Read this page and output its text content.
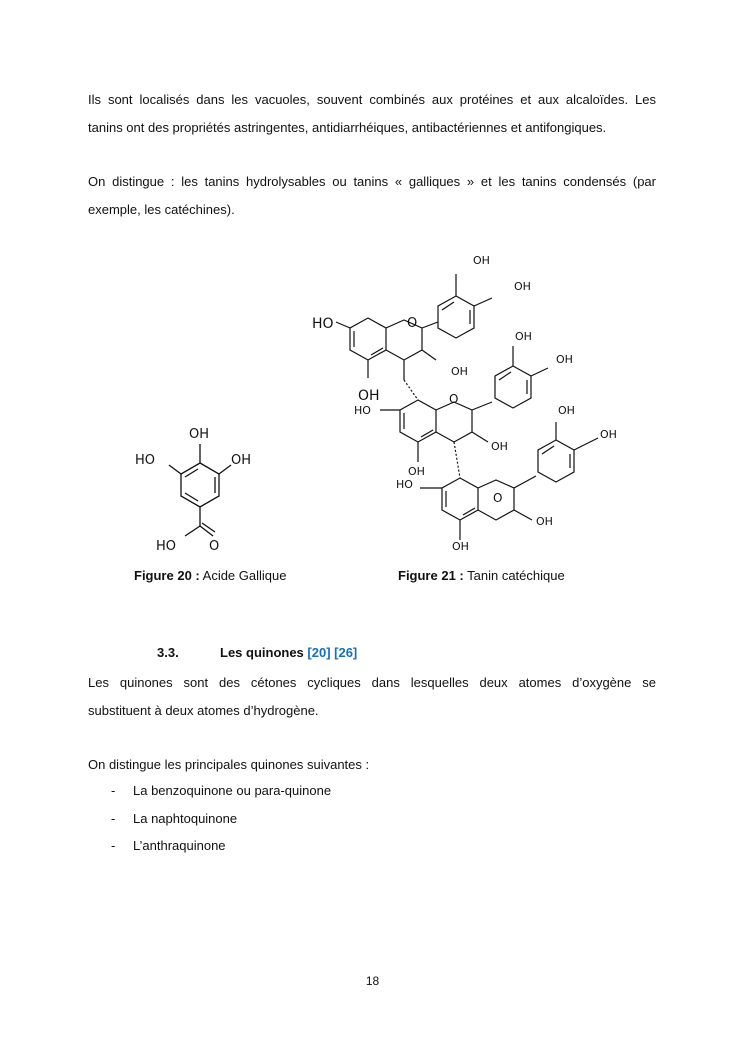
Ils sont localisés dans les vacuoles, souvent combinés aux protéines et aux alcaloïdes. Les
tanins ont des propriétés astringentes, antidiarrhéiques, antibactériennes et antifongiques.
On distingue : les tanins hydrolysables ou tanins « galliques » et les tanins condensés (par
exemple, les catéchines).
OH
HO	OH
HO	O
OH
OH
HO	O
OH
OH
OH
OH
HO
O
OH
OH
OH
OH
HO
O
OH
OH
Figure 20 : Acide Gallique	Figure 21 : Tanin catéchique
3.3.	Les quinones [20] [26]
Les quinones sont des cétones cycliques dans lesquelles deux atomes d’oxygène se
substituent à deux atomes d’hydrogène.
On distingue les principales quinones suivantes :
- La benzoquinone ou para-quinone
- La naphtoquinone
- L’anthraquinone
18
